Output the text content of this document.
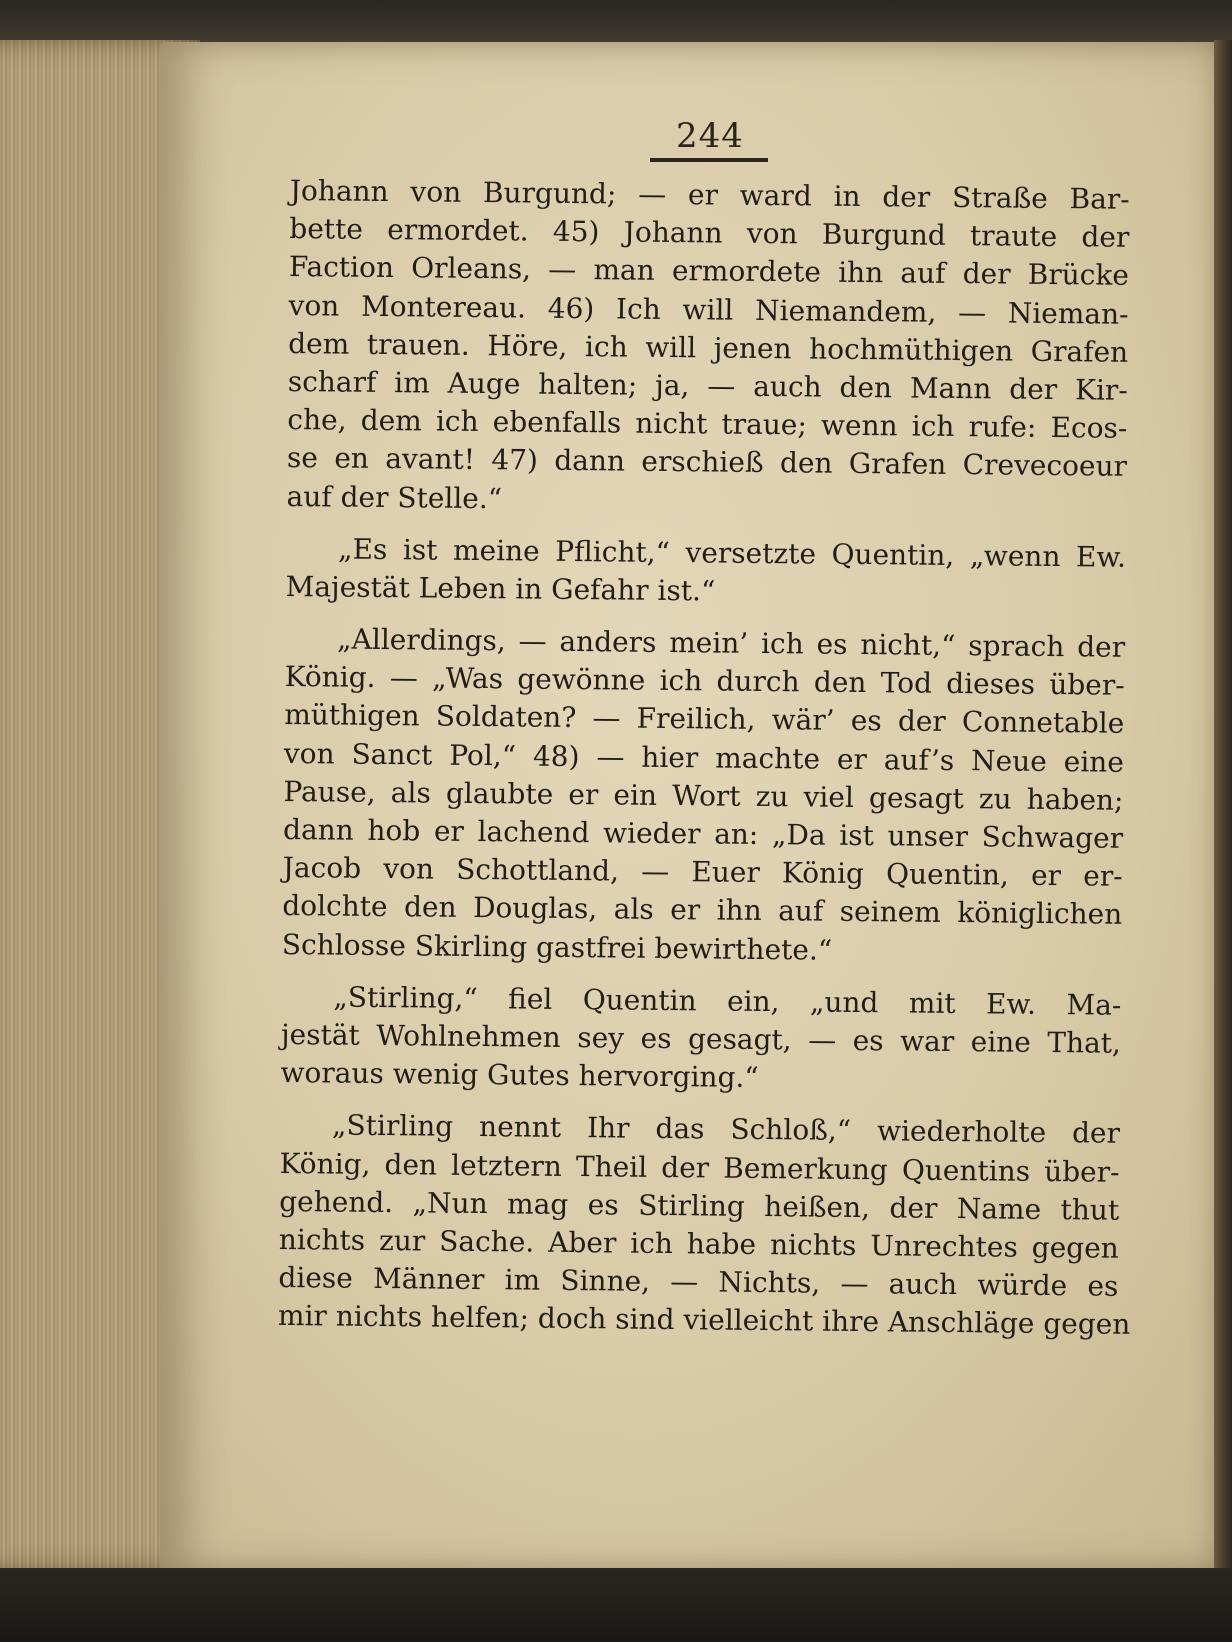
244
Johann von Burgund; — er ward in der Straße Bar-
bette ermordet. 45) Johann von Burgund traute der
Faction Orleans, — man ermordete ihn auf der Brücke
von Montereau. 46) Ich will Niemandem, — Nieman-
dem trauen. Höre, ich will jenen hochmüthigen Grafen
scharf im Auge halten; ja, — auch den Mann der Kir-
che, dem ich ebenfalls nicht traue; wenn ich rufe: Ecos-
se en avant! 47) dann erschieß den Grafen Crevecoeur
auf der Stelle.“
„Es ist meine Pflicht,“ versetzte Quentin, „wenn Ew.
Majestät Leben in Gefahr ist.“
„Allerdings, — anders mein’ ich es nicht,“ sprach der
König. — „Was gewönne ich durch den Tod dieses über-
müthigen Soldaten? — Freilich, wär’ es der Connetable
von Sanct Pol,“ 48) — hier machte er auf’s Neue eine
Pause, als glaubte er ein Wort zu viel gesagt zu haben;
dann hob er lachend wieder an: „Da ist unser Schwager
Jacob von Schottland, — Euer König Quentin, er er-
dolchte den Douglas, als er ihn auf seinem königlichen
Schlosse Skirling gastfrei bewirthete.“
„Stirling,“ fiel Quentin ein, „und mit Ew. Ma-
jestät Wohlnehmen sey es gesagt, — es war eine That,
woraus wenig Gutes hervorging.“
„Stirling nennt Ihr das Schloß,“ wiederholte der
König, den letztern Theil der Bemerkung Quentins über-
gehend. „Nun mag es Stirling heißen, der Name thut
nichts zur Sache. Aber ich habe nichts Unrechtes gegen
diese Männer im Sinne, — Nichts, — auch würde es
mir nichts helfen; doch sind vielleicht ihre Anschläge gegen
